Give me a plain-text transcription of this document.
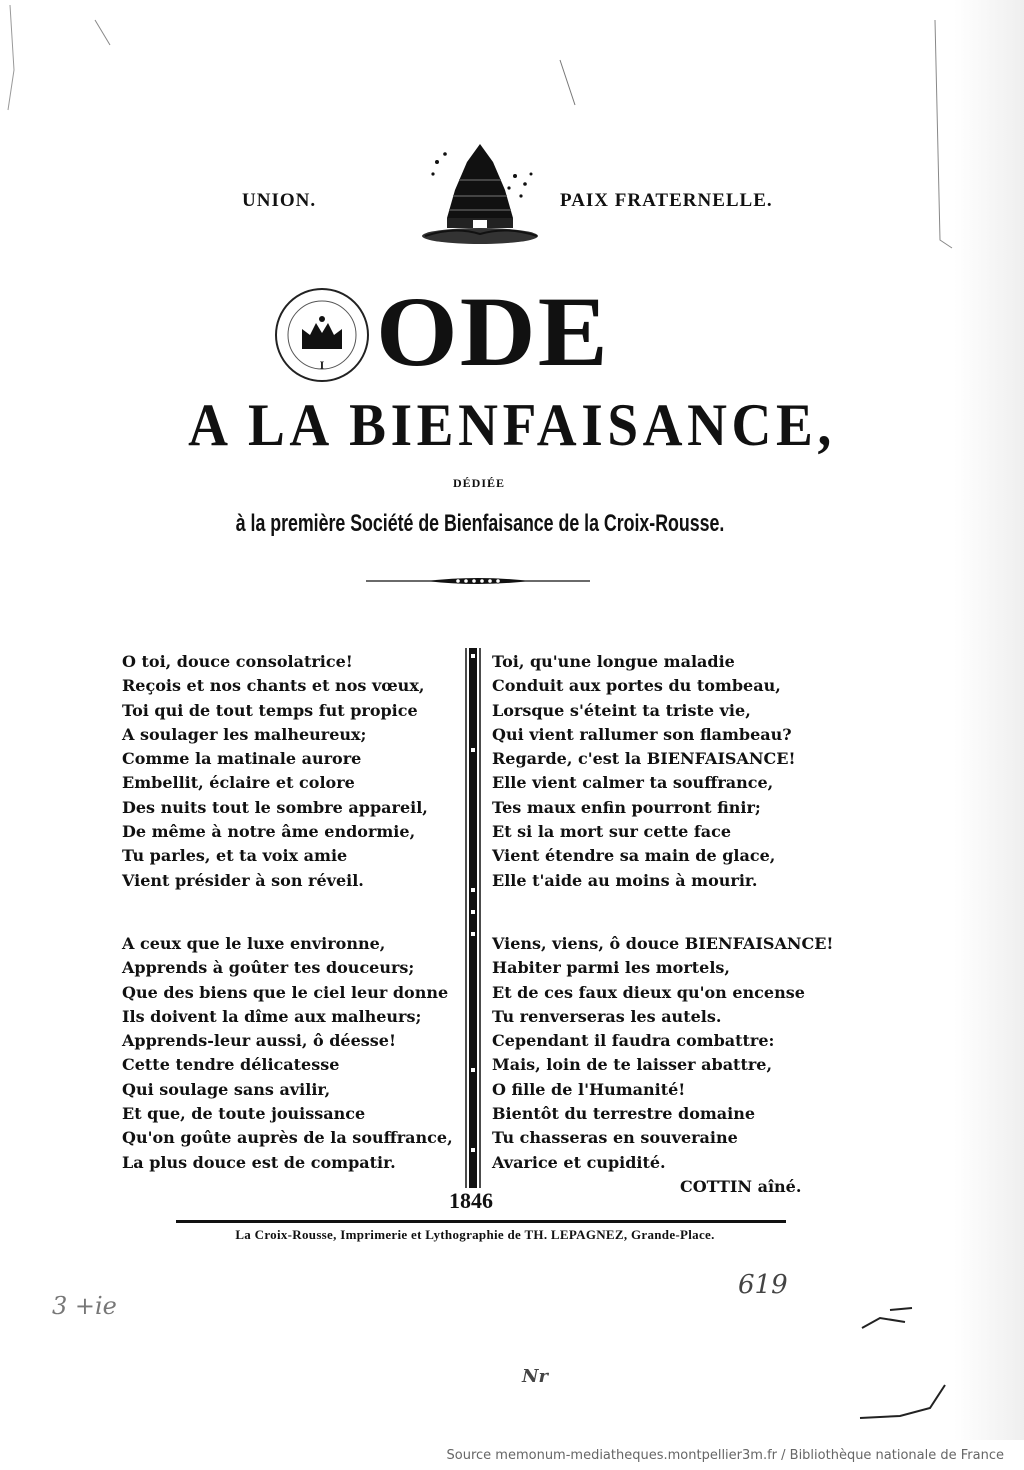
UNION.	PAIX FRATERNELLE.
I ODE
A LA BIENFAISANCE,
DÉDIÉE
à la première Société de Bienfaisance de la Croix-Rousse.
O toi, douce consolatrice!
Reçois et nos chants et nos vœux,
Toi qui de tout temps fut propice
A soulager les malheureux;
Comme la matinale aurore
Embellit, éclaire et colore
Des nuits tout le sombre appareil,
De même à notre âme endormie,
Tu parles, et ta voix amie
Vient présider à son réveil.
A ceux que le luxe environne,
Apprends à goûter tes douceurs;
Que des biens que le ciel leur donne
Ils doivent la dîme aux malheurs;
Apprends-leur aussi, ô déesse!
Cette tendre délicatesse
Qui soulage sans avilir,
Et que, de toute jouissance
Qu'on goûte auprès de la souffrance,
La plus douce est de compatir.
Toi, qu'une longue maladie
Conduit aux portes du tombeau,
Lorsque s'éteint ta triste vie,
Qui vient rallumer son flambeau?
Regarde, c'est la BIENFAISANCE!
Elle vient calmer ta souffrance,
Tes maux enfin pourront finir;
Et si la mort sur cette face
Vient étendre sa main de glace,
Elle t'aide au moins à mourir.
Viens, viens, ô douce BIENFAISANCE!
Habiter parmi les mortels,
Et de ces faux dieux qu'on encense
Tu renverseras les autels.
Cependant il faudra combattre:
Mais, loin de te laisser abattre,
O fille de l'Humanité!
Bientôt du terrestre domaine
Tu chasseras en souveraine
Avarice et cupidité.
COTTIN aîné.
1846
La Croix-Rousse, Imprimerie et Lythographie de TH. LEPAGNEZ, Grande-Place.
3 +ie
619
Nr
Source memonum-mediatheques.montpellier3m.fr / Bibliothèque nationale de France
